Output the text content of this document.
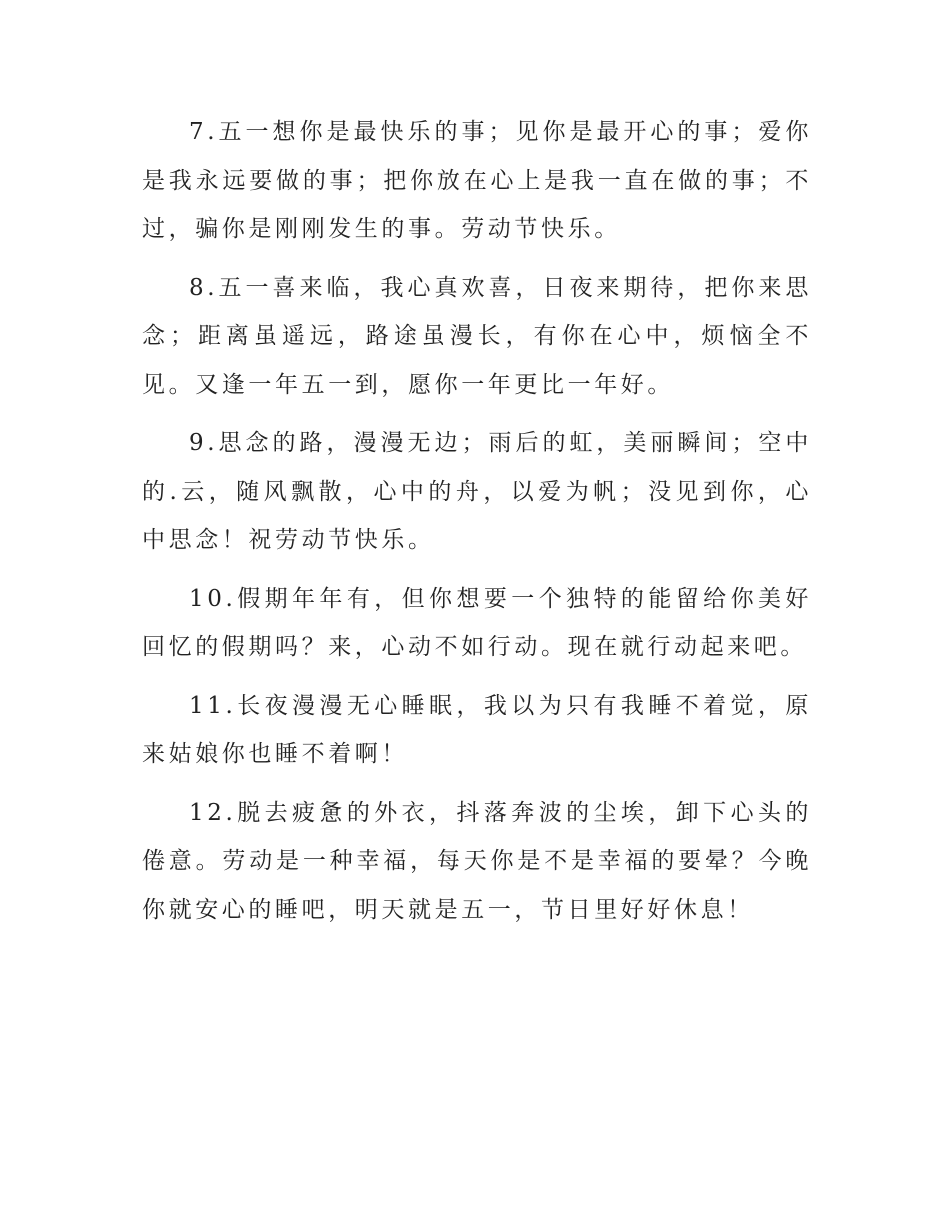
7.五一想你是最快乐的事；见你是最开心的事；爱你是我永远要做的事；把你放在心上是我一直在做的事；不过，骗你是刚刚发生的事。劳动节快乐。

8.五一喜来临，我心真欢喜，日夜来期待，把你来思念；距离虽遥远，路途虽漫长，有你在心中，烦恼全不见。又逢一年五一到，愿你一年更比一年好。

9.思念的路，漫漫无边；雨后的虹，美丽瞬间；空中的.云，随风飘散，心中的舟，以爱为帆；没见到你，心中思念！祝劳动节快乐。

10.假期年年有，但你想要一个独特的能留给你美好回忆的假期吗？来，心动不如行动。现在就行动起来吧。

11.长夜漫漫无心睡眠，我以为只有我睡不着觉，原来姑娘你也睡不着啊！

12.脱去疲惫的外衣，抖落奔波的尘埃，卸下心头的倦意。劳动是一种幸福，每天你是不是幸福的要晕？今晚你就安心的睡吧，明天就是五一，节日里好好休息！
